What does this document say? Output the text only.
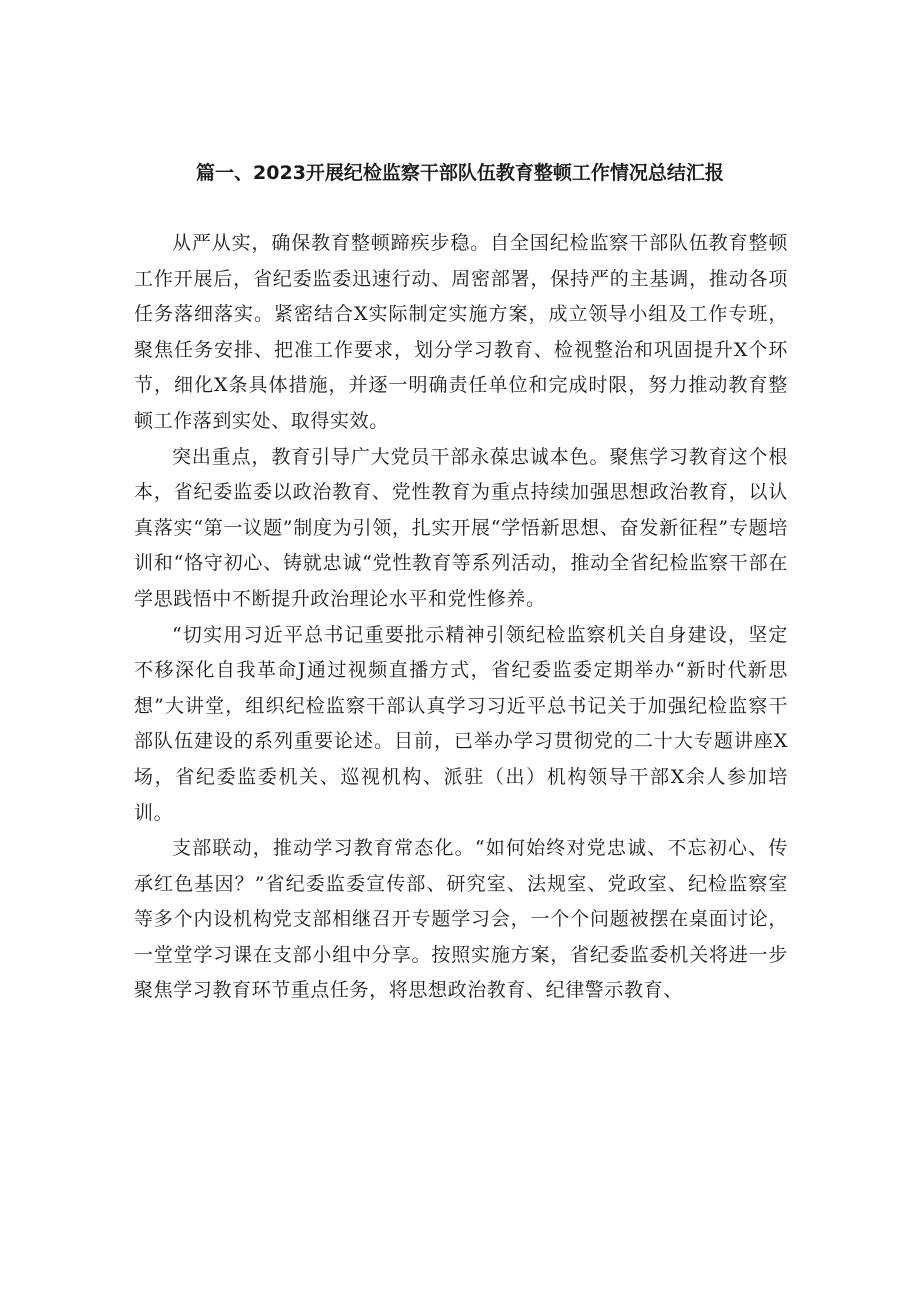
篇一、2023开展纪检监察干部队伍教育整顿工作情况总结汇报

从严从实，确保教育整顿蹄疾步稳。自全国纪检监察干部队伍教育整顿工作开展后，省纪委监委迅速行动、周密部署，保持严的主基调，推动各项任务落细落实。紧密结合X实际制定实施方案，成立领导小组及工作专班，聚焦任务安排、把准工作要求，划分学习教育、检视整治和巩固提升X个环节，细化X条具体措施，并逐一明确责任单位和完成时限，努力推动教育整顿工作落到实处、取得实效。

突出重点，教育引导广大党员干部永葆忠诚本色。聚焦学习教育这个根本，省纪委监委以政治教育、党性教育为重点持续加强思想政治教育，以认真落实“第一议题”制度为引领，扎实开展“学悟新思想、奋发新征程”专题培训和“恪守初心、铸就忠诚“党性教育等系列活动，推动全省纪检监察干部在学思践悟中不断提升政治理论水平和党性修养。

“切实用习近平总书记重要批示精神引领纪检监察机关自身建设，坚定不移深化自我革命J通过视频直播方式，省纪委监委定期举办“新时代新思想”大讲堂，组织纪检监察干部认真学习习近平总书记关于加强纪检监察干部队伍建设的系列重要论述。目前，已举办学习贯彻党的二十大专题讲座X场，省纪委监委机关、巡视机构、派驻（出）机构领导干部X余人参加培训。

支部联动，推动学习教育常态化。“如何始终对党忠诚、不忘初心、传承红色基因？”省纪委监委宣传部、研究室、法规室、党政室、纪检监察室等多个内设机构党支部相继召开专题学习会，一个个问题被摆在桌面讨论，一堂堂学习课在支部小组中分享。按照实施方案，省纪委监委机关将进一步聚焦学习教育环节重点任务，将思想政治教育、纪律警示教育、
